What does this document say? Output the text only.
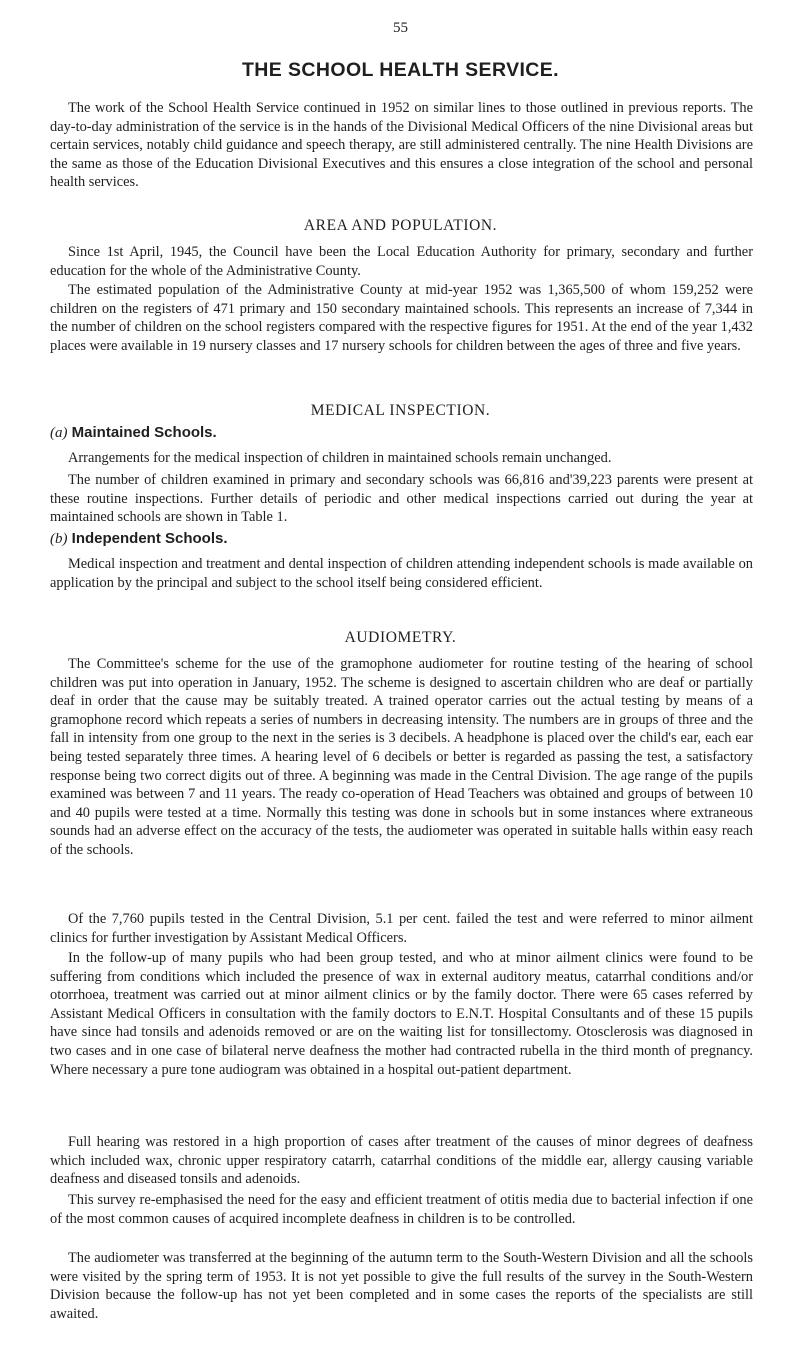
55
THE SCHOOL HEALTH SERVICE.
The work of the School Health Service continued in 1952 on similar lines to those outlined in previous reports. The day-to-day administration of the service is in the hands of the Divisional Medical Officers of the nine Divisional areas but certain services, notably child guidance and speech therapy, are still administered centrally. The nine Health Divisions are the same as those of the Education Divisional Executives and this ensures a close integration of the school and personal health services.
AREA AND POPULATION.
Since 1st April, 1945, the Council have been the Local Education Authority for primary, secondary and further education for the whole of the Administrative County.
The estimated population of the Administrative County at mid-year 1952 was 1,365,500 of whom 159,252 were children on the registers of 471 primary and 150 secondary maintained schools. This represents an increase of 7,344 in the number of children on the school registers compared with the respective figures for 1951. At the end of the year 1,432 places were available in 19 nursery classes and 17 nursery schools for children between the ages of three and five years.
MEDICAL INSPECTION.
(a) Maintained Schools.
Arrangements for the medical inspection of children in maintained schools remain unchanged.
The number of children examined in primary and secondary schools was 66,816 and'39,223 parents were present at these routine inspections. Further details of periodic and other medical inspections carried out during the year at maintained schools are shown in Table 1.
(b) Independent Schools.
Medical inspection and treatment and dental inspection of children attending independent schools is made available on application by the principal and subject to the school itself being considered efficient.
AUDIOMETRY.
The Committee's scheme for the use of the gramophone audiometer for routine testing of the hearing of school children was put into operation in January, 1952. The scheme is designed to ascertain children who are deaf or partially deaf in order that the cause may be suitably treated. A trained operator carries out the actual testing by means of a gramophone record which repeats a series of numbers in decreasing intensity. The numbers are in groups of three and the fall in intensity from one group to the next in the series is 3 decibels. A headphone is placed over the child's ear, each ear being tested separately three times. A hearing level of 6 decibels or better is regarded as passing the test, a satisfactory response being two correct digits out of three. A beginning was made in the Central Division. The age range of the pupils examined was between 7 and 11 years. The ready co-operation of Head Teachers was obtained and groups of between 10 and 40 pupils were tested at a time. Normally this testing was done in schools but in some instances where extraneous sounds had an adverse effect on the accuracy of the tests, the audiometer was operated in suitable halls within easy reach of the schools.
Of the 7,760 pupils tested in the Central Division, 5.1 per cent. failed the test and were referred to minor ailment clinics for further investigation by Assistant Medical Officers.
In the follow-up of many pupils who had been group tested, and who at minor ailment clinics were found to be suffering from conditions which included the presence of wax in external auditory meatus, catarrhal conditions and/or otorrhoea, treatment was carried out at minor ailment clinics or by the family doctor. There were 65 cases referred by Assistant Medical Officers in consultation with the family doctors to E.N.T. Hospital Consultants and of these 15 pupils have since had tonsils and adenoids removed or are on the waiting list for tonsillectomy. Otosclerosis was diagnosed in two cases and in one case of bilateral nerve deafness the mother had contracted rubella in the third month of pregnancy. Where necessary a pure tone audiogram was obtained in a hospital out-patient department.
Full hearing was restored in a high proportion of cases after treatment of the causes of minor degrees of deafness which included wax, chronic upper respiratory catarrh, catarrhal conditions of the middle ear, allergy causing variable deafness and diseased tonsils and adenoids.
This survey re-emphasised the need for the easy and efficient treatment of otitis media due to bacterial infection if one of the most common causes of acquired incomplete deafness in children is to be controlled.
The audiometer was transferred at the beginning of the autumn term to the South-Western Division and all the schools were visited by the spring term of 1953. It is not yet possible to give the full results of the survey in the South-Western Division because the follow-up has not yet been completed and in some cases the reports of the specialists are still awaited.
